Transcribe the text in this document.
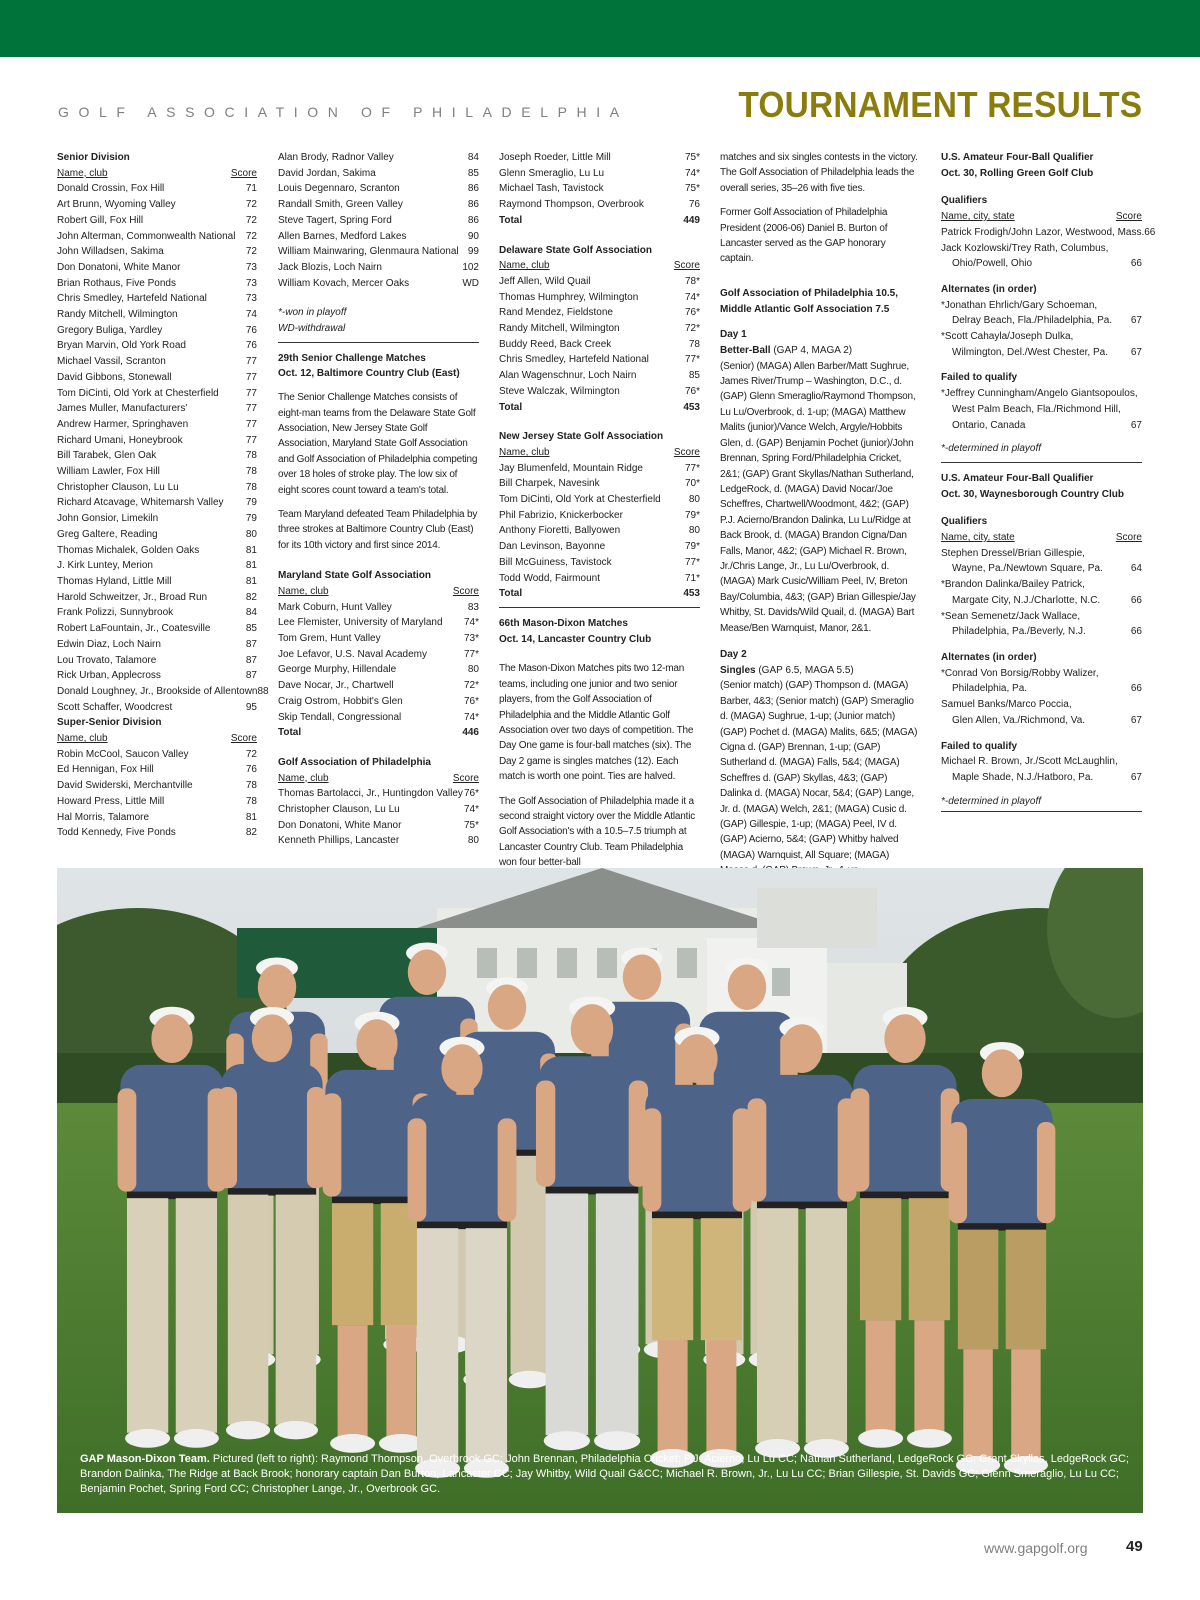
GOLF ASSOCIATION OF PHILADELPHIA	TOURNAMENT RESULTS
Senior Division
Name, club	Score
Donald Crossin, Fox Hill	71
Art Brunn, Wyoming Valley	72
Robert Gill, Fox Hill	72
John Alterman, Commonwealth National 72
John Willadsen, Sakima	72
Don Donatoni, White Manor	73
Brian Rothaus, Five Ponds	73
Chris Smedley, Hartefeld National	73
Randy Mitchell, Wilmington	74
Gregory Buliga, Yardley	76
Bryan Marvin, Old York Road	76
Michael Vassil, Scranton	77
David Gibbons, Stonewall	77
Tom DiCinti, Old York at Chesterfield	77
James Muller, Manufacturers'	77
Andrew Harmer, Springhaven	77
Richard Umani, Honeybrook	77
Bill Tarabek, Glen Oak	78
William Lawler, Fox Hill	78
Christopher Clauson, Lu Lu	78
Richard Atcavage, Whitemarsh Valley 79
John Gonsior, Limekiln	79
Greg Galtere, Reading	80
Thomas Michalek, Golden Oaks	81
J. Kirk Luntey, Merion	81
Thomas Hyland, Little Mill	81
Harold Schweitzer, Jr., Broad Run	82
Frank Polizzi, Sunnybrook	84
Robert LaFountain, Jr., Coatesville	85
Edwin Diaz, Loch Nairn	87
Lou Trovato, Talamore	87
Rick Urban, Applecross	87
Donald Loughney, Jr., Brookside of Allentown 88
Scott Schaffer, Woodcrest	95
Super-Senior Division
Name, club	Score
Robin McCool, Saucon Valley	72
Ed Hennigan, Fox Hill	76
David Swiderski, Merchantville	78
Howard Press, Little Mill	78
Hal Morris, Talamore	81
Todd Kennedy, Five Ponds	82
Alan Brody, Radnor Valley	84
David Jordan, Sakima	85
Louis Degennaro, Scranton	86
Randall Smith, Green Valley	86
Steve Tagert, Spring Ford	86
Allen Barnes, Medford Lakes	90
William Mainwaring, Glenmaura National 99
Jack Blozis, Loch Nairn	102
William Kovach, Mercer Oaks	WD
*-won in playoff
WD-withdrawal
29th Senior Challenge Matches
Oct. 12, Baltimore Country Club (East)
The Senior Challenge Matches consists of eight-man teams from the Delaware State Golf Association, New Jersey State Golf Association, Maryland State Golf Association and Golf Association of Philadelphia competing over 18 holes of stroke play. The low six of eight scores count toward a team's total.
Team Maryland defeated Team Philadelphia by three strokes at Baltimore Country Club (East) for its 10th victory and first since 2014.
Maryland State Golf Association
Name, club	Score
Mark Coburn, Hunt Valley	83
Lee Flemister, University of Maryland 74*
Tom Grem, Hunt Valley	73*
Joe Lefavor, U.S. Naval Academy	77*
George Murphy, Hillendale	80
Dave Nocar, Jr., Chartwell	72*
Craig Ostrom, Hobbit's Glen	76*
Skip Tendall, Congressional	74*
Total	446
Golf Association of Philadelphia
Name, club	Score
Thomas Bartolacci, Jr., Huntingdon Valley 76*
Christopher Clauson, Lu Lu	74*
Don Donatoni, White Manor	75*
Kenneth Phillips, Lancaster	80
Joseph Roeder, Little Mill	75*
Glenn Smeraglio, Lu Lu	74*
Michael Tash, Tavistock	75*
Raymond Thompson, Overbrook	76
Total	449
Delaware State Golf Association
Name, club	Score
Jeff Allen, Wild Quail	78*
Thomas Humphrey, Wilmington	74*
Rand Mendez, Fieldstone	76*
Randy Mitchell, Wilmington	72*
Buddy Reed, Back Creek	78
Chris Smedley, Hartefeld National	77*
Alan Wagenschnur, Loch Nairn	85
Steve Walczak, Wilmington	76*
Total	453
New Jersey State Golf Association
Name, club	Score
Jay Blumenfeld, Mountain Ridge	77*
Bill Charpek, Navesink	70*
Tom DiCinti, Old York at Chesterfield	80
Phil Fabrizio, Knickerbocker	79*
Anthony Fioretti, Ballyowen	80
Dan Levinson, Bayonne	79*
Bill McGuiness, Tavistock	77*
Todd Wodd, Fairmount	71*
Total	453
66th Mason-Dixon Matches
Oct. 14, Lancaster Country Club
The Mason-Dixon Matches pits two 12-man teams, including one junior and two senior players, from the Golf Association of Philadelphia and the Middle Atlantic Golf Association over two days of competition. The Day One game is four-ball matches (six). The Day 2 game is singles matches (12). Each match is worth one point. Ties are halved.
The Golf Association of Philadelphia made it a second straight victory over the Middle Atlantic Golf Association's with a 10.5–7.5 triumph at Lancaster Country Club. Team Philadelphia won four better-ball
matches and six singles contests in the victory. The Golf Association of Philadelphia leads the overall series, 35–26 with five ties.
Former Golf Association of Philadelphia President (2006-06) Daniel B. Burton of Lancaster served as the GAP honorary captain.
Golf Association of Philadelphia 10.5,
Middle Atlantic Golf Association 7.5
Day 1
Better-Ball (GAP 4, MAGA 2)
(Senior) (MAGA) Allen Barber/Matt Sughrue, James River/Trump – Washington, D.C., d. (GAP) Glenn Smeraglio/Raymond Thompson, Lu Lu/Overbrook, d. 1-up; (MAGA) Matthew Malits (junior)/Vance Welch, Argyle/Hobbits Glen, d. (GAP) Benjamin Pochet (junior)/John Brennan, Spring Ford/Philadelphia Cricket, 2&1; (GAP) Grant Skyllas/Nathan Sutherland, LedgeRock, d. (MAGA) David Nocar/Joe Scheffres, Chartwell/Woodmont, 4&2; (GAP) P.J. Acierno/Brandon Dalinka, Lu Lu/Ridge at Back Brook, d. (MAGA) Brandon Cigna/Dan Falls, Manor, 4&2; (GAP) Michael R. Brown, Jr./Chris Lange, Jr., Lu Lu/Overbrook, d. (MAGA) Mark Cusic/William Peel, IV, Breton Bay/Columbia, 4&3; (GAP) Brian Gillespie/Jay Whitby, St. Davids/Wild Quail, d. (MAGA) Bart Mease/Ben Warnquist, Manor, 2&1.
Day 2
Singles (GAP 6.5, MAGA 5.5)
(Senior match) (GAP) Thompson d. (MAGA) Barber, 4&3; (Senior match) (GAP) Smeraglio d. (MAGA) Sughrue, 1-up; (Junior match) (GAP) Pochet d. (MAGA) Malits, 6&5; (MAGA) Cigna d. (GAP) Brennan, 1-up; (GAP) Sutherland d. (MAGA) Falls, 5&4; (MAGA) Scheffres d. (GAP) Skyllas, 4&3; (GAP) Dalinka d. (MAGA) Nocar, 5&4; (GAP) Lange, Jr. d. (MAGA) Welch, 2&1; (MAGA) Cusic d. (GAP) Gillespie, 1-up; (MAGA) Peel, IV d. (GAP) Acierno, 5&4; (GAP) Whitby halved (MAGA) Warnquist, All Square; (MAGA)
U.S. Amateur Four-Ball Qualifier
Oct. 30, Rolling Green Golf Club
Qualifiers
Name, city, state	Score
Patrick Frodigh/John Lazor, Westwood, Mass. 66
Jack Kozlowski/Trey Rath, Columbus,
Ohio/Powell, Ohio	66
Alternates (in order)
*Jonathan Ehrlich/Gary Schoeman,
Delray Beach, Fla./Philadelphia, Pa. 67
*Scott Cahayla/Joseph Dulka,
Wilmington, Del./West Chester, Pa. 67
Failed to qualify
*Jeffrey Cunningham/Angelo Giantsopoulos,
West Palm Beach, Fla./Richmond Hill,
Ontario, Canada	67
*-determined in playoff
U.S. Amateur Four-Ball Qualifier
Oct. 30, Waynesborough Country Club
Qualifiers
Name, city, state	Score
Stephen Dressel/Brian Gillespie,
Wayne, Pa./Newtown Square, Pa.	64
*Brandon Dalinka/Bailey Patrick,
Margate City, N.J./Charlotte, N.C.	66
*Sean Semenetz/Jack Wallace,
Philadelphia, Pa./Beverly, N.J.	66
Alternates (in order)
*Conrad Von Borsig/Robby Walizer,
Philadelphia, Pa.	66
Samuel Banks/Marco Poccia,
Glen Allen, Va./Richmond, Va.	67
Failed to qualify
Michael R. Brown, Jr./Scott McLaughlin,
Maple Shade, N.J./Hatboro, Pa.	67
*-determined in playoff
GAP Mason-Dixon Team. Pictured (left to right): Raymond Thompson, Overbrook GC; John Brennan, Philadelphia Cricket; P.J. Acierno, Lu Lu CC; Nathan Sutherland, LedgeRock GC; Grant Skyllas, LedgeRock GC; Brandon Dalinka, The Ridge at Back Brook; honorary captain Dan Burton, Lancaster CC; Jay Whitby, Wild Quail G&CC; Michael R. Brown, Jr., Lu Lu CC; Brian Gillespie, St. Davids GC; Glenn Smeraglio, Lu Lu CC; Benjamin Pochet, Spring Ford CC; Christopher Lange, Jr., Overbrook GC.
www.gapgolf.org	49
